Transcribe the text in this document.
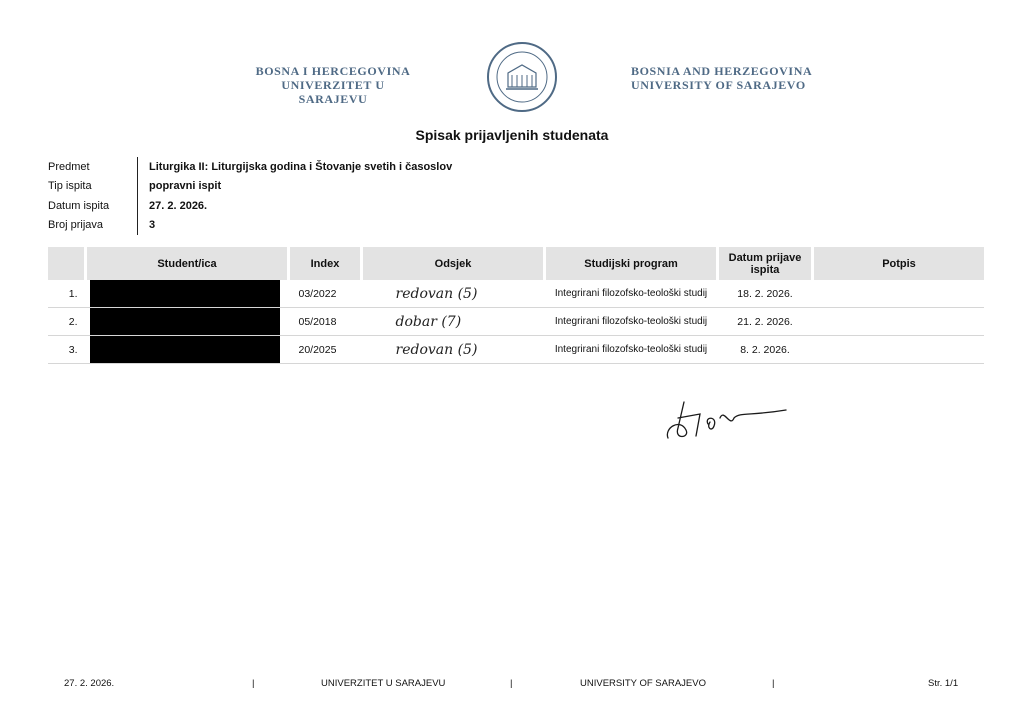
BOSNA I HERCEGOVINA
UNIVERZITET U SARAJEVU
BOSNIA AND HERZEGOVINA
UNIVERSITY OF SARAJEVO
Spisak prijavljenih studenata
Predmet	Liturgika II: Liturgijska godina i Štovanje svetih i časoslov
Tip ispita	popravni ispit
Datum ispita	27. 2. 2026.
Broj prijava	3
	Student/ica	Index	Odsjek	Studijski program	Datum prijave ispita	Potpis
1.		03/2022	redovan (5)	Integrirani filozofsko-teološki studij	18. 2. 2026.	
2.		05/2018	dobar (7)	Integrirani filozofsko-teološki studij	21. 2. 2026.	
3.		20/2025	redovan (5)	Integrirani filozofsko-teološki studij	8. 2. 2026.	
27. 2. 2026.	|	UNIVERZITET U SARAJEVU	|	UNIVERSITY OF SARAJEVO	|	Str. 1/1
